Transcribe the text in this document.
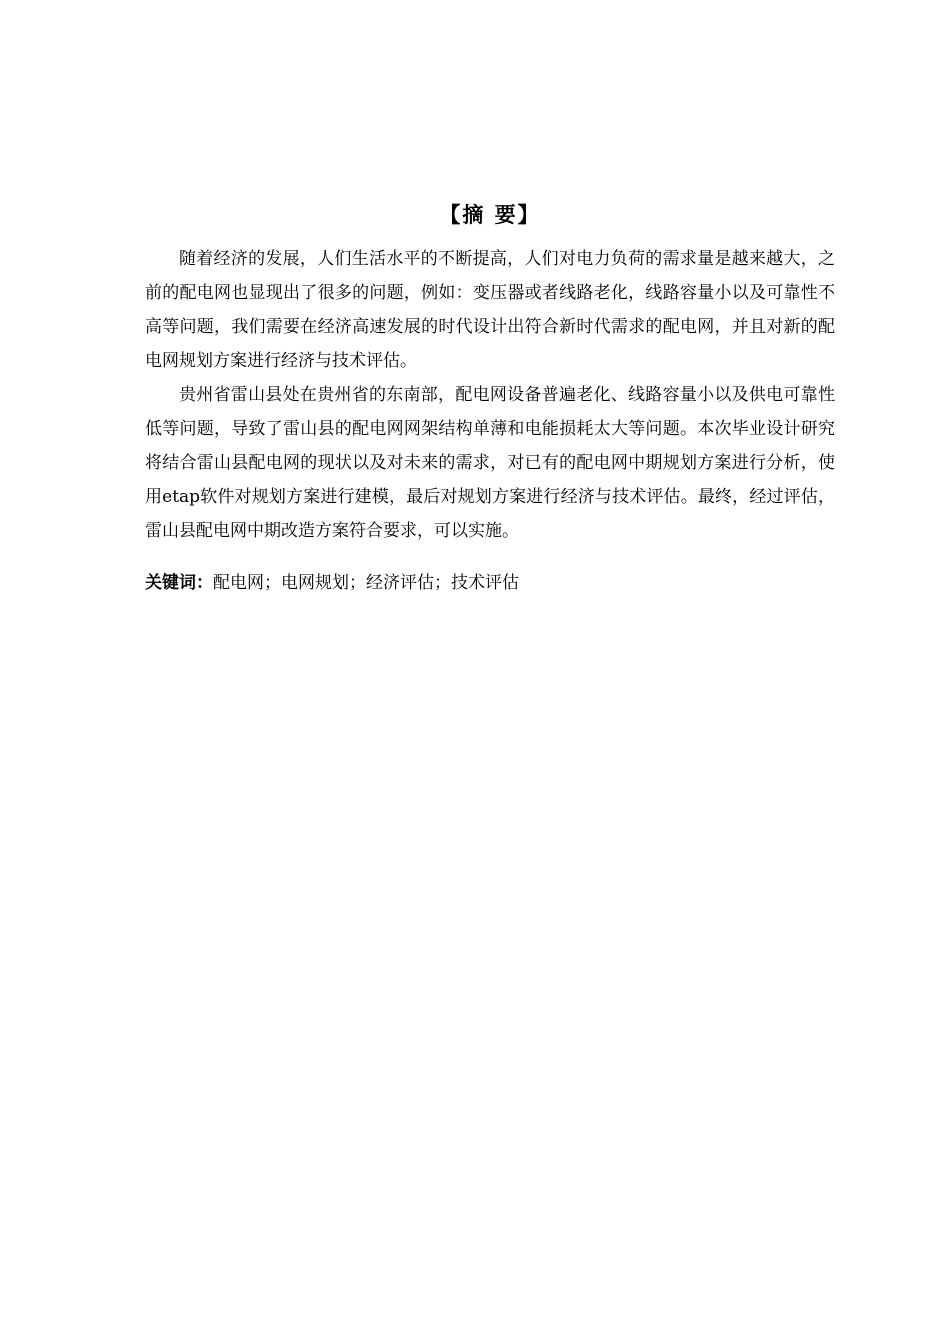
【摘 要】

随着经济的发展，人们生活水平的不断提高，人们对电力负荷的需求量是越来越大，之前的配电网也显现出了很多的问题，例如：变压器或者线路老化，线路容量小以及可靠性不高等问题，我们需要在经济高速发展的时代设计出符合新时代需求的配电网，并且对新的配电网规划方案进行经济与技术评估。

贵州省雷山县处在贵州省的东南部，配电网设备普遍老化、线路容量小以及供电可靠性低等问题，导致了雷山县的配电网网架结构单薄和电能损耗太大等问题。本次毕业设计研究将结合雷山县配电网的现状以及对未来的需求，对已有的配电网中期规划方案进行分析，使用etap软件对规划方案进行建模，最后对规划方案进行经济与技术评估。最终，经过评估，雷山县配电网中期改造方案符合要求，可以实施。

关键词：配电网；电网规划；经济评估；技术评估
